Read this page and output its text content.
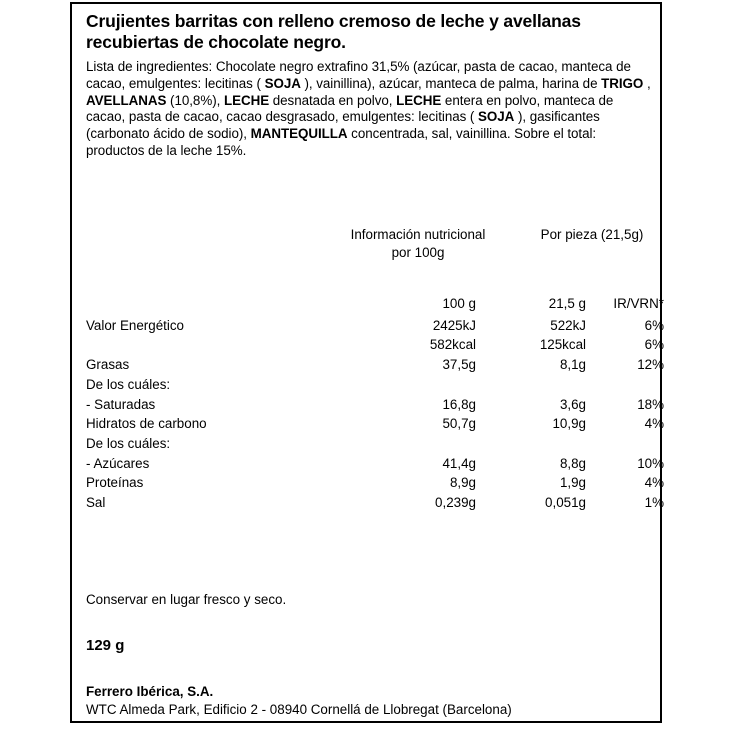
Crujientes barritas con relleno cremoso de leche y avellanas recubiertas de chocolate negro.

Lista de ingredientes: Chocolate negro extrafino 31,5% (azúcar, pasta de cacao, manteca de cacao, emulgentes: lecitinas ( SOJA ), vainillina), azúcar, manteca de palma, harina de TRIGO , AVELLANAS (10,8%), LECHE desnatada en polvo, LECHE entera en polvo, manteca de cacao, pasta de cacao, cacao desgrasado, emulgentes: lecitinas ( SOJA ), gasificantes (carbonato ácido de sodio), MANTEQUILLA concentrada, sal, vainillina. Sobre el total: productos de la leche 15%.

Información nutricional
por 100g
Por pieza (21,5g)
	100 g	21,5 g	IR/VRN*
Valor Energético	2425kJ	522kJ	6%
	582kcal	125kcal	6%
Grasas	37,5g	8,1g	12%
De los cuáles:			
- Saturadas	16,8g	3,6g	18%
Hidratos de carbono	50,7g	10,9g	4%
De los cuáles:			
- Azúcares	41,4g	8,8g	10%
Proteínas	8,9g	1,9g	4%
Sal	0,239g	0,051g	1%

Conservar en lugar fresco y seco.

129 g

Ferrero Ibérica, S.A.

WTC Almeda Park, Edificio 2 - 08940 Cornellá de Llobregat (Barcelona)
